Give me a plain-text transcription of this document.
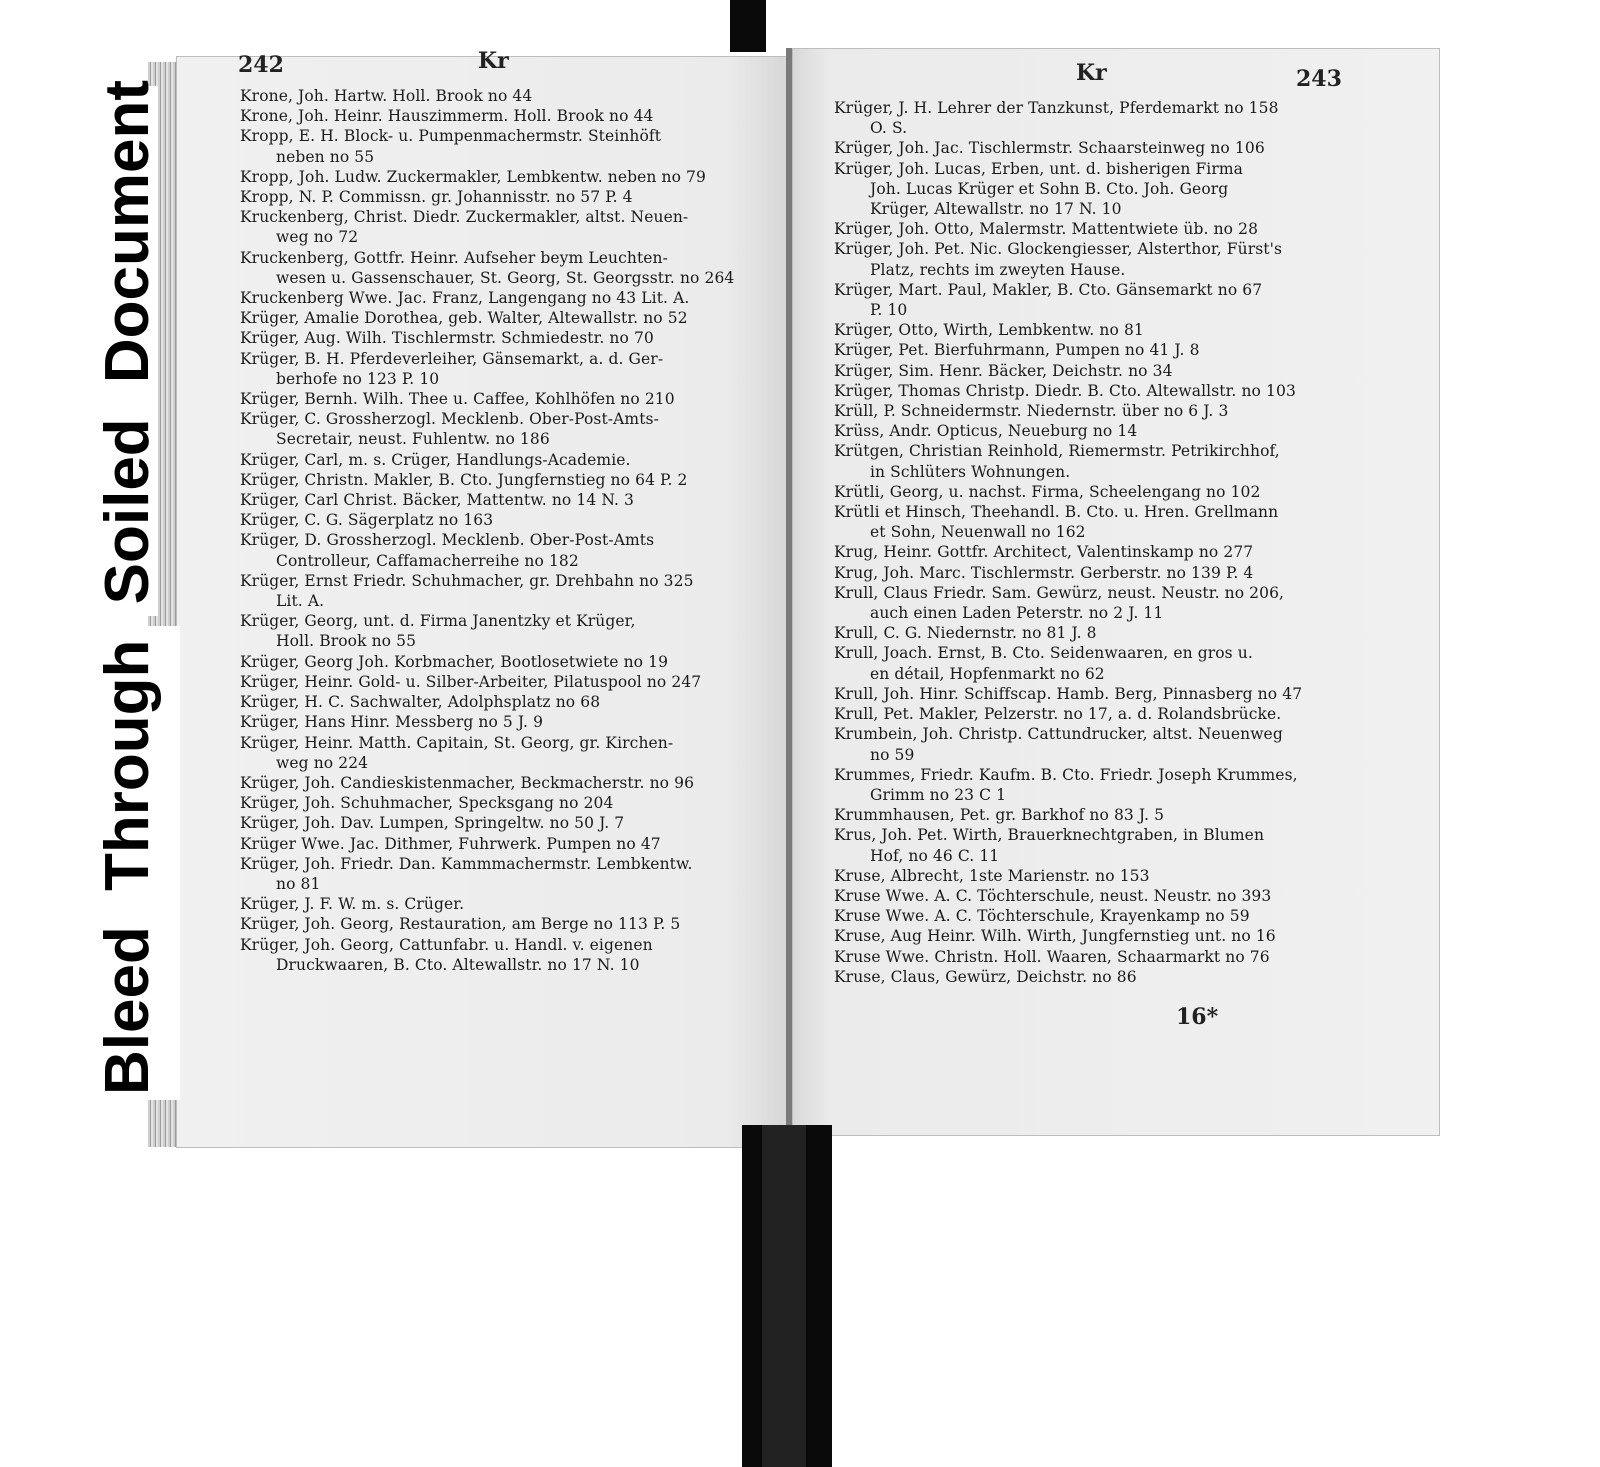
Bleed Through Soiled Document
242	Kr	Kr	243
Krone, Joh. Hartw. Holl. Brook no 44
Krone, Joh. Heinr. Hauszimmerm. Holl. Brook no 44
Kropp, E. H. Block- u. Pumpenmachermstr. Steinhöft
neben no 55
Kropp, Joh. Ludw. Zuckermakler, Lembkentw. neben no 79
Kropp, N. P. Commissn. gr. Johannisstr. no 57 P. 4
Kruckenberg, Christ. Diedr. Zuckermakler, altst. Neuen-
weg no 72
Kruckenberg, Gottfr. Heinr. Aufseher beym Leuchten-
wesen u. Gassenschauer, St. Georg, St. Georgsstr. no 264
Kruckenberg Wwe. Jac. Franz, Langengang no 43 Lit. A.
Krüger, Amalie Dorothea, geb. Walter, Altewallstr. no 52
Krüger, Aug. Wilh. Tischlermstr. Schmiedestr. no 70
Krüger, B. H. Pferdeverleiher, Gänsemarkt, a. d. Ger-
berhofe no 123 P. 10
Krüger, Bernh. Wilh. Thee u. Caffee, Kohlhöfen no 210
Krüger, C. Grossherzogl. Mecklenb. Ober-Post-Amts-
Secretair, neust. Fuhlentw. no 186
Krüger, Carl, m. s. Crüger, Handlungs-Academie.
Krüger, Christn. Makler, B. Cto. Jungfernstieg no 64 P. 2
Krüger, Carl Christ. Bäcker, Mattentw. no 14 N. 3
Krüger, C. G. Sägerplatz no 163
Krüger, D. Grossherzogl. Mecklenb. Ober-Post-Amts
Controlleur, Caffamacherreihe no 182
Krüger, Ernst Friedr. Schuhmacher, gr. Drehbahn no 325
Lit. A.
Krüger, Georg, unt. d. Firma Janentzky et Krüger,
Holl. Brook no 55
Krüger, Georg Joh. Korbmacher, Bootlosetwiete no 19
Krüger, Heinr. Gold- u. Silber-Arbeiter, Pilatuspool no 247
Krüger, H. C. Sachwalter, Adolphsplatz no 68
Krüger, Hans Hinr. Messberg no 5 J. 9
Krüger, Heinr. Matth. Capitain, St. Georg, gr. Kirchen-
weg no 224
Krüger, Joh. Candieskistenmacher, Beckmacherstr. no 96
Krüger, Joh. Schuhmacher, Specksgang no 204
Krüger, Joh. Dav. Lumpen, Springeltw. no 50 J. 7
Krüger Wwe. Jac. Dithmer, Fuhrwerk. Pumpen no 47
Krüger, Joh. Friedr. Dan. Kammmachermstr. Lembkentw.
no 81
Krüger, J. F. W. m. s. Crüger.
Krüger, Joh. Georg, Restauration, am Berge no 113 P. 5
Krüger, Joh. Georg, Cattunfabr. u. Handl. v. eigenen
Druckwaaren, B. Cto. Altewallstr. no 17 N. 10
Krüger, J. H. Lehrer der Tanzkunst, Pferdemarkt no 158
O. S.
Krüger, Joh. Jac. Tischlermstr. Schaarsteinweg no 106
Krüger, Joh. Lucas, Erben, unt. d. bisherigen Firma
Joh. Lucas Krüger et Sohn B. Cto. Joh. Georg
Krüger, Altewallstr. no 17 N. 10
Krüger, Joh. Otto, Malermstr. Mattentwiete üb. no 28
Krüger, Joh. Pet. Nic. Glockengiesser, Alsterthor, Fürst's
Platz, rechts im zweyten Hause.
Krüger, Mart. Paul, Makler, B. Cto. Gänsemarkt no 67
P. 10
Krüger, Otto, Wirth, Lembkentw. no 81
Krüger, Pet. Bierfuhrmann, Pumpen no 41 J. 8
Krüger, Sim. Henr. Bäcker, Deichstr. no 34
Krüger, Thomas Christp. Diedr. B. Cto. Altewallstr. no 103
Krüll, P. Schneidermstr. Niedernstr. über no 6 J. 3
Krüss, Andr. Opticus, Neueburg no 14
Krütgen, Christian Reinhold, Riemermstr. Petrikirchhof,
in Schlüters Wohnungen.
Krütli, Georg, u. nachst. Firma, Scheelengang no 102
Krütli et Hinsch, Theehandl. B. Cto. u. Hren. Grellmann
et Sohn, Neuenwall no 162
Krug, Heinr. Gottfr. Architect, Valentinskamp no 277
Krug, Joh. Marc. Tischlermstr. Gerberstr. no 139 P. 4
Krull, Claus Friedr. Sam. Gewürz, neust. Neustr. no 206,
auch einen Laden Peterstr. no 2 J. 11
Krull, C. G. Niedernstr. no 81 J. 8
Krull, Joach. Ernst, B. Cto. Seidenwaaren, en gros u.
en détail, Hopfenmarkt no 62
Krull, Joh. Hinr. Schiffscap. Hamb. Berg, Pinnasberg no 47
Krull, Pet. Makler, Pelzerstr. no 17, a. d. Rolandsbrücke.
Krumbein, Joh. Christp. Cattundrucker, altst. Neuenweg
no 59
Krummes, Friedr. Kaufm. B. Cto. Friedr. Joseph Krummes,
Grimm no 23 C 1
Krummhausen, Pet. gr. Barkhof no 83 J. 5
Krus, Joh. Pet. Wirth, Brauerknechtgraben, in Blumen
Hof, no 46 C. 11
Kruse, Albrecht, 1ste Marienstr. no 153
Kruse Wwe. A. C. Töchterschule, neust. Neustr. no 393
Kruse Wwe. A. C. Töchterschule, Krayenkamp no 59
Kruse, Aug Heinr. Wilh. Wirth, Jungfernstieg unt. no 16
Kruse Wwe. Christn. Holl. Waaren, Schaarmarkt no 76
Kruse, Claus, Gewürz, Deichstr. no 86
16*
